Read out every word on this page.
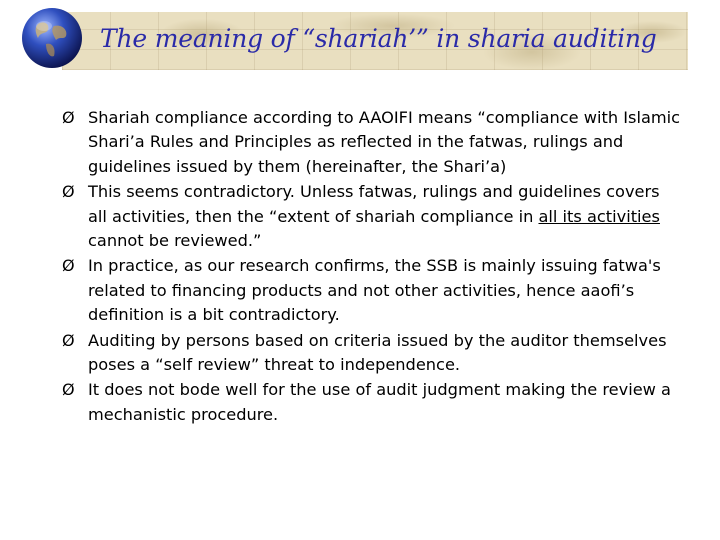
The meaning of “shariah’” in sharia auditing
Ø Shariah compliance according to AAOIFI means “compliance with Islamic Shari’a Rules and Principles as reflected in the fatwas, rulings and guidelines issued by them (hereinafter, the Shari’a)
Ø This seems contradictory. Unless fatwas, rulings and guidelines covers all activities, then the “extent of shariah compliance in all its activities cannot be reviewed.”
Ø In practice, as our research confirms, the SSB is mainly issuing fatwa's related to financing products and not other activities, hence aaofi’s definition is a bit contradictory.
Ø Auditing by persons based on criteria issued by the auditor themselves poses a “self review” threat to independence.
Ø It does not bode well for the use of audit judgment making the review a mechanistic procedure.
